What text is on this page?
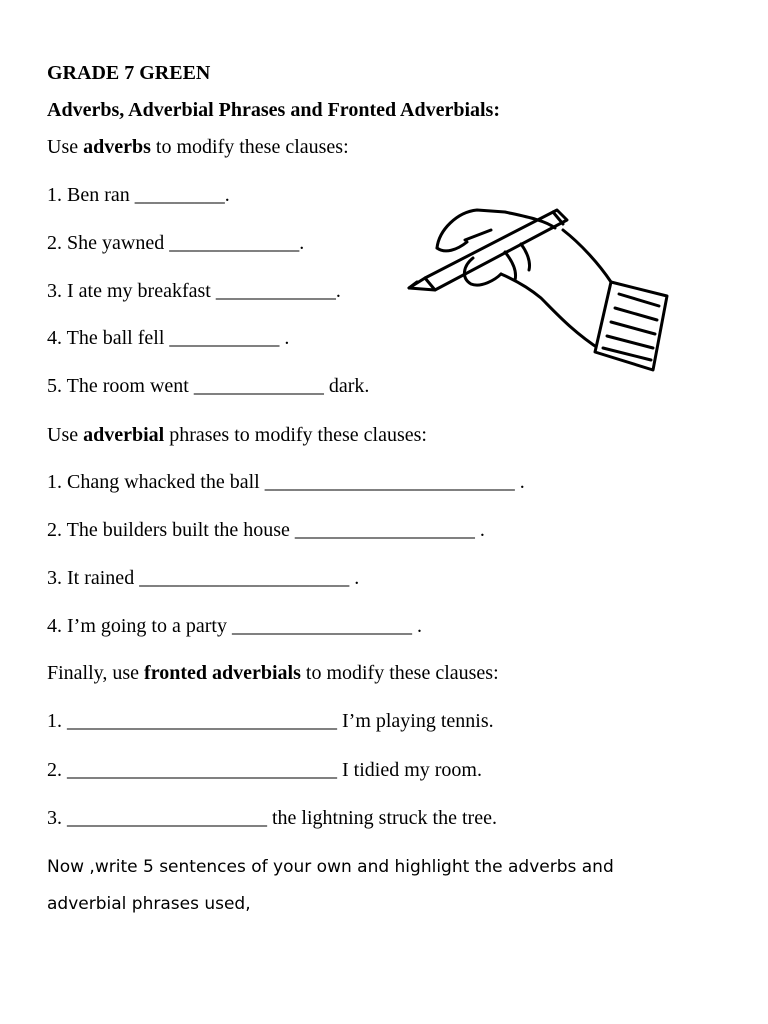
GRADE 7 GREEN

Adverbs, Adverbial Phrases and Fronted Adverbials:

Use adverbs to modify these clauses:

1. Ben ran _________.

2. She yawned _____________.

3. I ate my breakfast ____________.

4. The ball fell ___________ .

5. The room went _____________ dark.

Use adverbial phrases to modify these clauses:

1. Chang whacked the ball _________________________ .

2. The builders built the house __________________ .

3. It rained _____________________ .

4. I’m going to a party __________________ .

Finally, use fronted adverbials to modify these clauses:

1. ___________________________ I’m playing tennis.

2. ___________________________ I tidied my room.

3. ____________________ the lightning struck the tree.

Now ,write 5 sentences of your own and highlight the adverbs and

adverbial phrases used,
